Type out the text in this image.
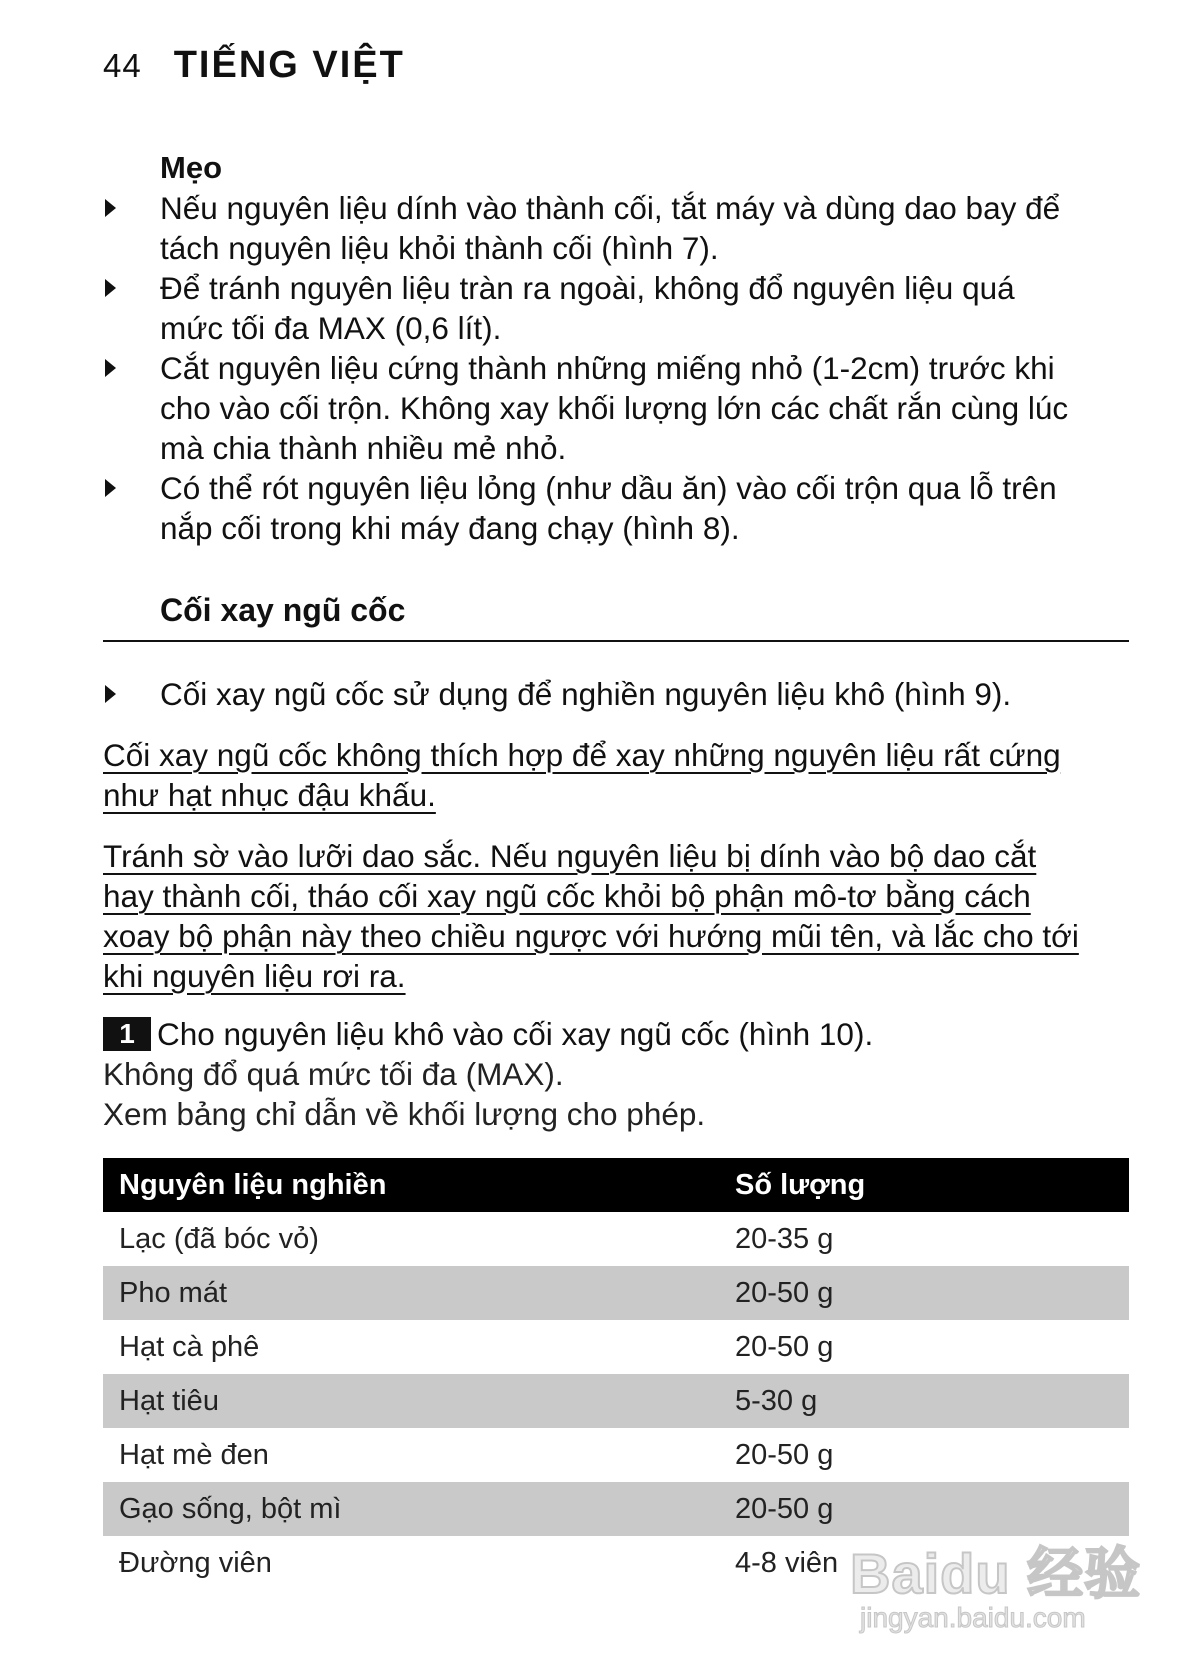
44 TIẾNG VIỆT
Mẹo
Nếu nguyên liệu dính vào thành cối, tắt máy và dùng dao bay để
tách nguyên liệu khỏi thành cối (hình 7).
Để tránh nguyên liệu tràn ra ngoài, không đổ nguyên liệu quá
mức tối đa MAX (0,6 lít).
Cắt nguyên liệu cứng thành những miếng nhỏ (1-2cm) trước khi
cho vào cối trộn. Không xay khối lượng lớn các chất rắn cùng lúc
mà chia thành nhiều mẻ nhỏ.
Có thể rót nguyên liệu lỏng (như dầu ăn) vào cối trộn qua lỗ trên
nắp cối trong khi máy đang chạy (hình 8).
Cối xay ngũ cốc
Cối xay ngũ cốc sử dụng để nghiền nguyên liệu khô (hình 9).
Cối xay ngũ cốc không thích hợp để xay những nguyên liệu rất cứng
như hạt nhục đậu khấu.
Tránh sờ vào lưỡi dao sắc. Nếu nguyên liệu bị dính vào bộ dao cắt
hay thành cối, tháo cối xay ngũ cốc khỏi bộ phận mô-tơ bằng cách
xoay bộ phận này theo chiều ngược với hướng mũi tên, và lắc cho tới
khi nguyên liệu rơi ra.
1 Cho nguyên liệu khô vào cối xay ngũ cốc (hình 10).
Không đổ quá mức tối đa (MAX).
Xem bảng chỉ dẫn về khối lượng cho phép.
Nguyên liệu nghiền	Số lượng
Lạc (đã bóc vỏ)	20-35 g
Pho mát	20-50 g
Hạt cà phê	20-50 g
Hạt tiêu	5-30 g
Hạt mè đen	20-50 g
Gạo sống, bột mì	20-50 g
Đường viên	4-8 viên Baidu 经验
jingyan.baidu.com
